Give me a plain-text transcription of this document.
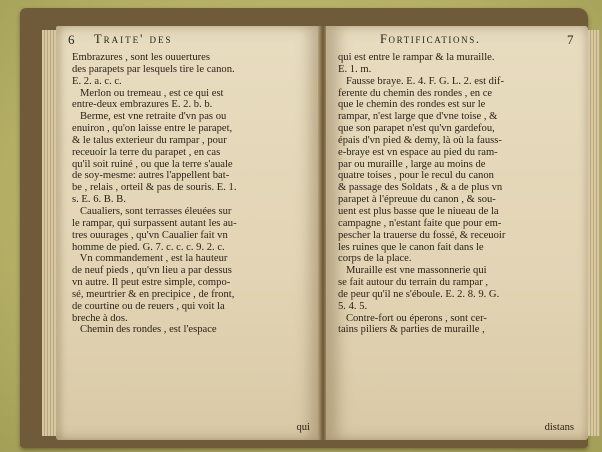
6 Traite' des
Embrazures , sont les ouuertures
des parapets par lesquels tire le canon.
E. 2. a. c. c.
Merlon ou tremeau , est ce qui est
entre-deux embrazures E. 2. b. b.
Berme, est vne retraite d'vn pas ou
enuiron , qu'on laisse entre le parapet,
& le talus exterieur du rampar , pour
receuoir la terre du parapet , en cas
qu'il soit ruiné , ou que la terre s'auale
de soy-mesme: autres l'appellent bat-
be , relais , orteil & pas de souris. E. 1.
s. E. 6. B. B.
Caualiers, sont terrasses éleuées sur
le rampar, qui surpassent autant les au-
tres ouurages , qu'vn Caualier fait vn
homme de pied. G. 7. c. c. c. 9. 2. c.
Vn commandement , est la hauteur
de neuf pieds , qu'vn lieu a par dessus
vn autre. Il peut estre simple, compo-
sé, meurtrier & en precipice , de front,
de courtine ou de reuers , qui voit la
breche à dos.
Chemin des rondes , est l'espace
qui
Fortifications.	7
qui est entre le rampar & la muraille.
E. 1. m.
Fausse braye. E. 4. F. G. L. 2. est dif-
ferente du chemin des rondes , en ce
que le chemin des rondes est sur le
rampar, n'est large que d'vne toise , &
que son parapet n'est qu'vn gardefou,
épais d'vn pied & demy, là où la fauss-
e-braye est vn espace au pied du ram-
par ou muraille , large au moins de
quatre toises , pour le recul du canon
& passage des Soldats , & a de plus vn
parapet à l'épreuue du canon , & sou-
uent est plus basse que le niueau de la
campagne , n'estant faite que pour em-
pescher la trauerse du fossé, & receuoir
les ruines que le canon fait dans le
corps de la place.
Muraille est vne massonnerie qui
se fait autour du terrain du rampar ,
de peur qu'il ne s'éboule. E. 2. 8. 9. G.
5. 4. 5.
Contre-fort ou éperons , sont cer-
tains piliers & parties de muraille ,
distans
